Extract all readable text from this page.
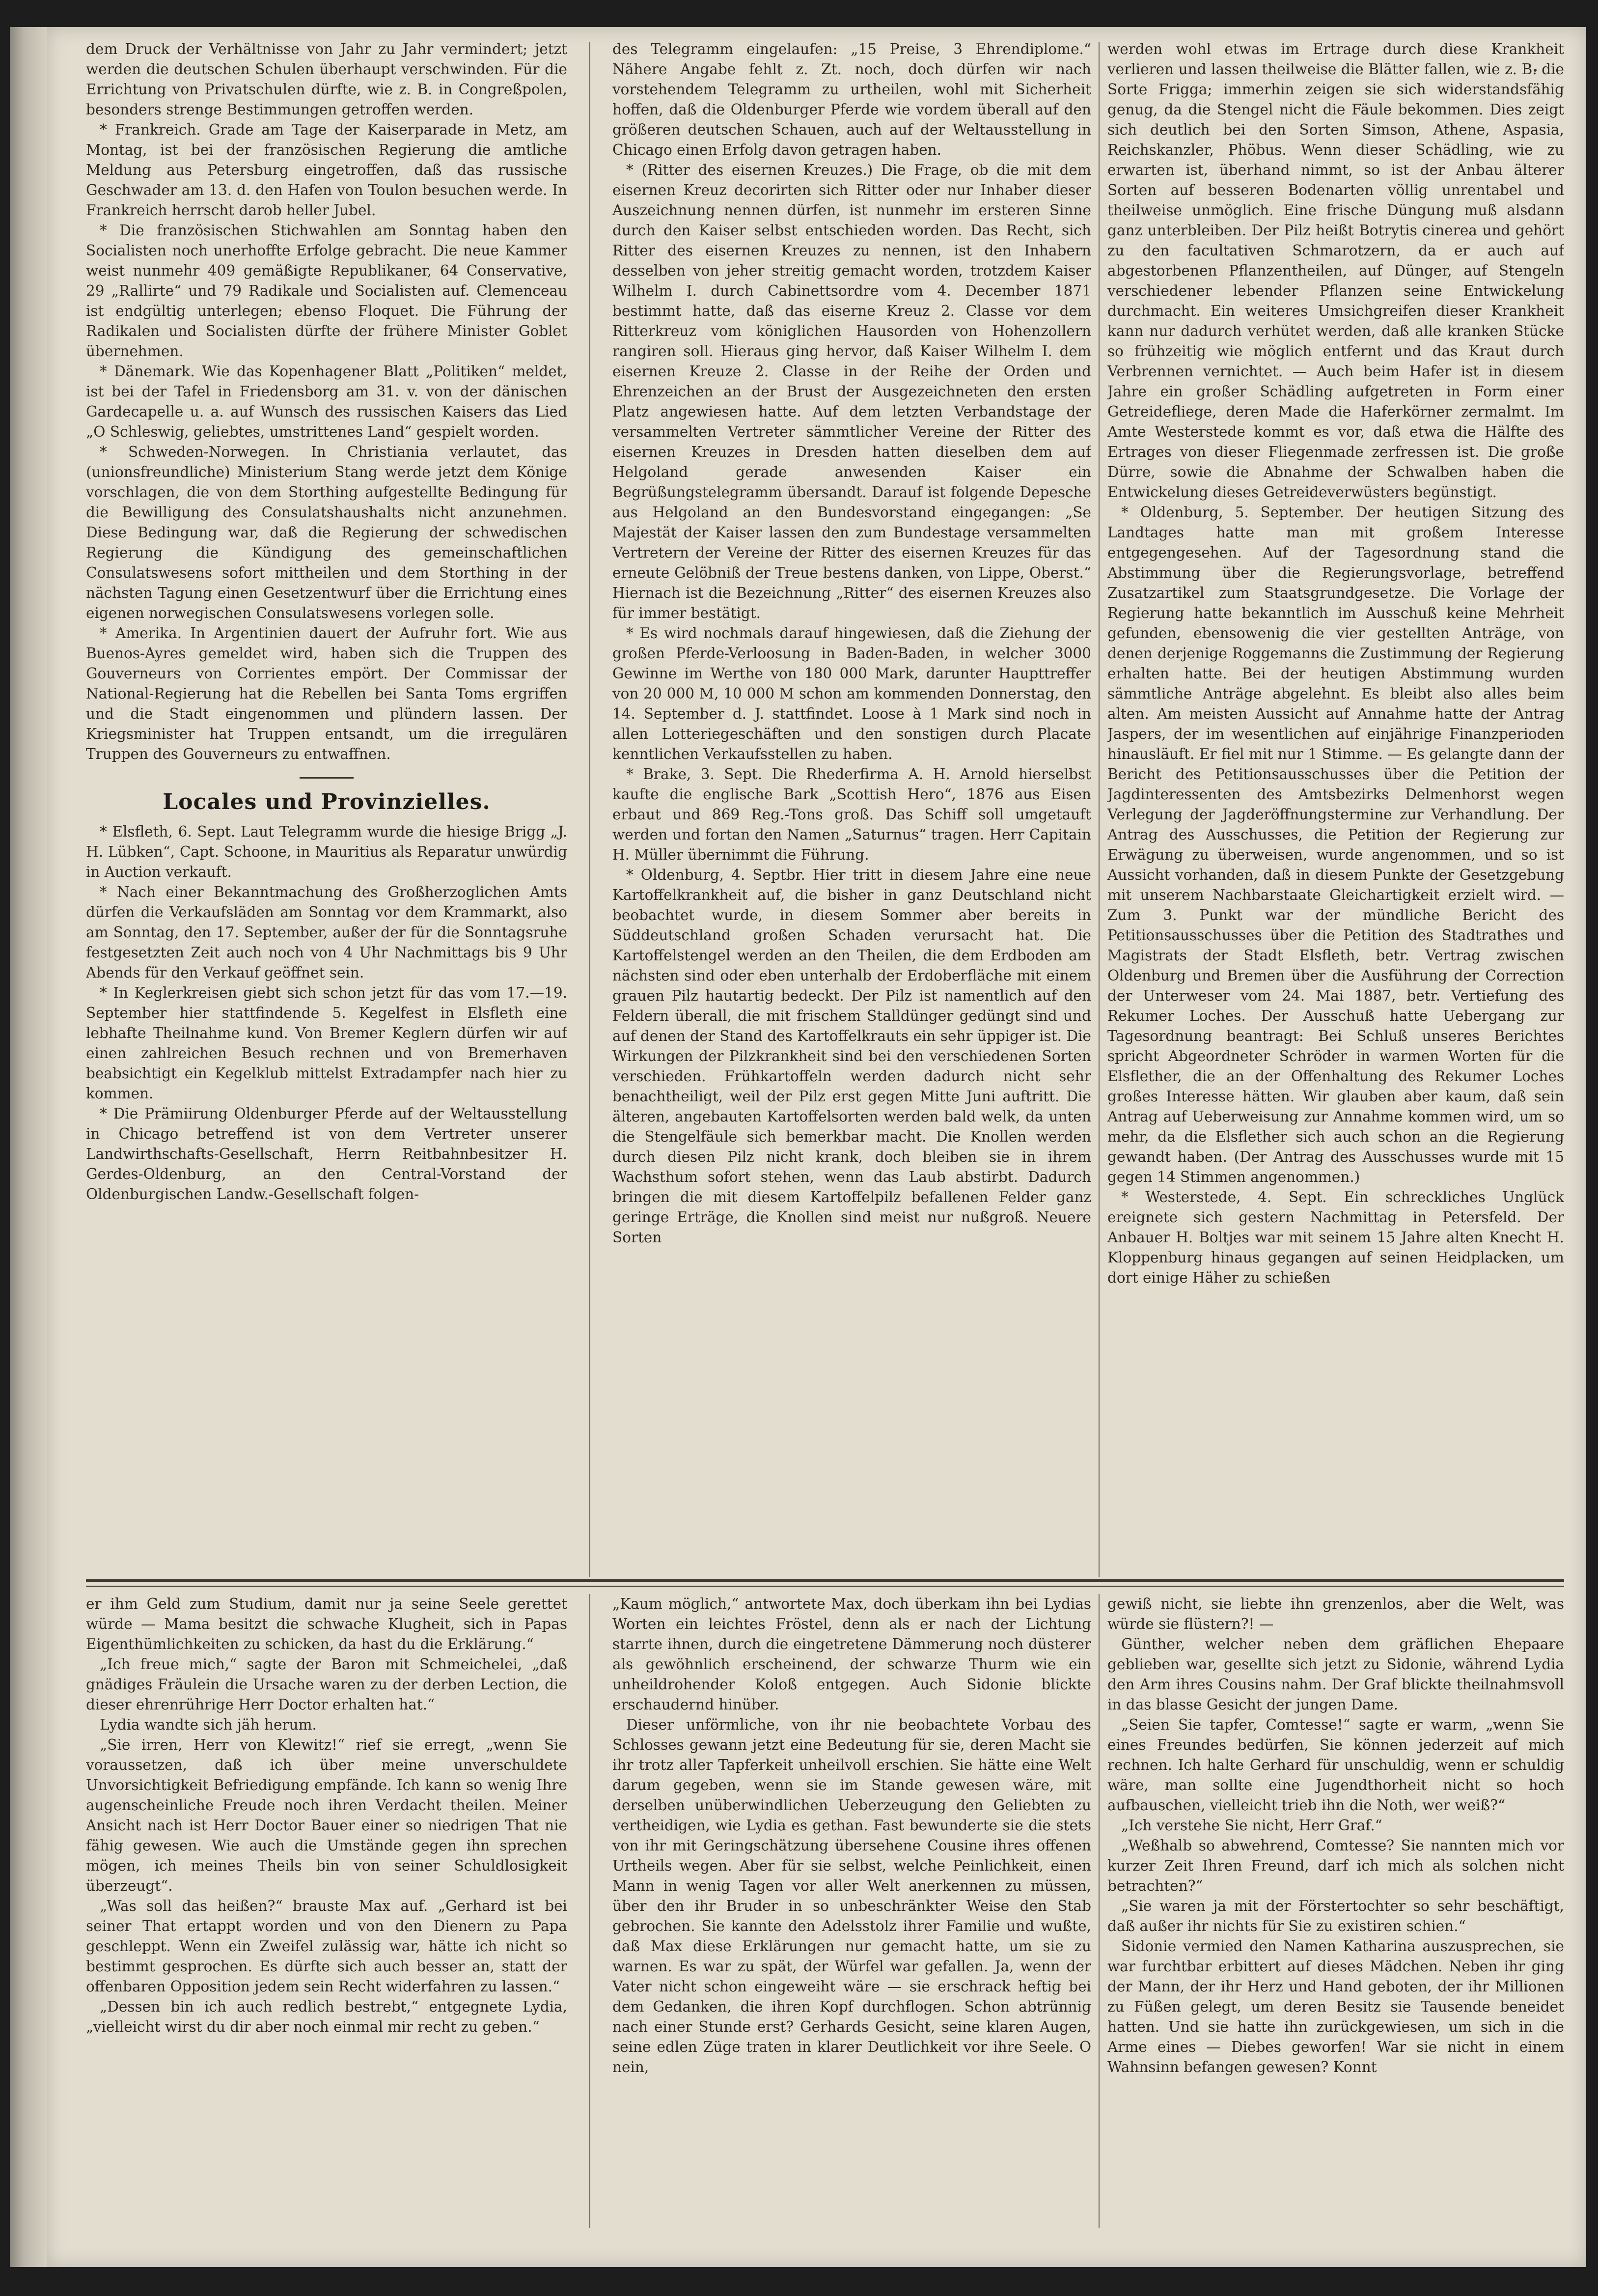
dem Druck der Verhältnisse von Jahr zu Jahr vermindert; jetzt werden die deutschen Schulen überhaupt verschwinden. Für die Errichtung von Privatschulen dürfte, wie z. B. in Congreßpolen, besonders strenge Bestimmungen getroffen werden.

* Frankreich. Grade am Tage der Kaiserparade in Metz, am Montag, ist bei der französischen Regierung die amtliche Meldung aus Petersburg eingetroffen, daß das russische Geschwader am 13. d. den Hafen von Toulon besuchen werde. In Frankreich herrscht darob heller Jubel.

* Die französischen Stichwahlen am Sonntag haben den Socialisten noch unerhoffte Erfolge gebracht. Die neue Kammer weist nunmehr 409 gemäßigte Republikaner, 64 Conservative, 29 „Rallirte“ und 79 Radikale und Socialisten auf. Clemenceau ist endgültig unterlegen; ebenso Floquet. Die Führung der Radikalen und Socialisten dürfte der frühere Minister Goblet übernehmen.

* Dänemark. Wie das Kopenhagener Blatt „Politiken“ meldet, ist bei der Tafel in Friedensborg am 31. v. von der dänischen Gardecapelle u. a. auf Wunsch des russischen Kaisers das Lied „O Schleswig, geliebtes, umstrittenes Land“ gespielt worden.

* Schweden-Norwegen. In Christiania verlautet, das (unionsfreundliche) Ministerium Stang werde jetzt dem Könige vorschlagen, die von dem Storthing aufgestellte Bedingung für die Bewilligung des Consulatshaushalts nicht anzunehmen. Diese Bedingung war, daß die Regierung der schwedischen Regierung die Kündigung des gemeinschaftlichen Consulatswesens sofort mittheilen und dem Storthing in der nächsten Tagung einen Gesetzentwurf über die Errichtung eines eigenen norwegischen Consulatswesens vorlegen solle.

* Amerika. In Argentinien dauert der Aufruhr fort. Wie aus Buenos-Ayres gemeldet wird, haben sich die Truppen des Gouverneurs von Corrientes empört. Der Commissar der National-Regierung hat die Rebellen bei Santa Toms ergriffen und die Stadt eingenommen und plündern lassen. Der Kriegsminister hat Truppen entsandt, um die irregulären Truppen des Gouverneurs zu entwaffnen.

Locales und Provinzielles.

* Elsfleth, 6. Sept. Laut Telegramm wurde die hiesige Brigg „J. H. Lübken“, Capt. Schoone, in Mauritius als Reparatur unwürdig in Auction verkauft.

* Nach einer Bekanntmachung des Großherzoglichen Amts dürfen die Verkaufsläden am Sonntag vor dem Krammarkt, also am Sonntag, den 17. September, außer der für die Sonntagsruhe festgesetzten Zeit auch noch von 4 Uhr Nachmittags bis 9 Uhr Abends für den Verkauf geöffnet sein.

* In Keglerkreisen giebt sich schon jetzt für das vom 17.—19. September hier stattfindende 5. Kegelfest in Elsfleth eine lebhafte Theilnahme kund. Von Bremer Keglern dürfen wir auf einen zahlreichen Besuch rechnen und von Bremerhaven beabsichtigt ein Kegelklub mittelst Extradampfer nach hier zu kommen.

* Die Prämiirung Oldenburger Pferde auf der Weltausstellung in Chicago betreffend ist von dem Vertreter unserer Landwirthschafts-Gesellschaft, Herrn Reitbahnbesitzer H. Gerdes-Oldenburg, an den Central-Vorstand der Oldenburgischen Landw.-Gesellschaft folgen-

des Telegramm eingelaufen: „15 Preise, 3 Ehrendiplome.“ Nähere Angabe fehlt z. Zt. noch, doch dürfen wir nach vorstehendem Telegramm zu urtheilen, wohl mit Sicherheit hoffen, daß die Oldenburger Pferde wie vordem überall auf den größeren deutschen Schauen, auch auf der Weltausstellung in Chicago einen Erfolg davon getragen haben.

* (Ritter des eisernen Kreuzes.) Die Frage, ob die mit dem eisernen Kreuz decorirten sich Ritter oder nur Inhaber dieser Auszeichnung nennen dürfen, ist nunmehr im ersteren Sinne durch den Kaiser selbst entschieden worden. Das Recht, sich Ritter des eisernen Kreuzes zu nennen, ist den Inhabern desselben von jeher streitig gemacht worden, trotzdem Kaiser Wilhelm I. durch Cabinettsordre vom 4. December 1871 bestimmt hatte, daß das eiserne Kreuz 2. Classe vor dem Ritterkreuz vom königlichen Hausorden von Hohenzollern rangiren soll. Hieraus ging hervor, daß Kaiser Wilhelm I. dem eisernen Kreuze 2. Classe in der Reihe der Orden und Ehrenzeichen an der Brust der Ausgezeichneten den ersten Platz angewiesen hatte. Auf dem letzten Verbandstage der versammelten Vertreter sämmtlicher Vereine der Ritter des eisernen Kreuzes in Dresden hatten dieselben dem auf Helgoland gerade anwesenden Kaiser ein Begrüßungstelegramm übersandt. Darauf ist folgende Depesche aus Helgoland an den Bundesvorstand eingegangen: „Se Majestät der Kaiser lassen den zum Bundestage versammelten Vertretern der Vereine der Ritter des eisernen Kreuzes für das erneute Gelöbniß der Treue bestens danken, von Lippe, Oberst.“ Hiernach ist die Bezeichnung „Ritter“ des eisernen Kreuzes also für immer bestätigt.

* Es wird nochmals darauf hingewiesen, daß die Ziehung der großen Pferde-Verloosung in Baden-Baden, in welcher 3000 Gewinne im Werthe von 180 000 Mark, darunter Haupttreffer von 20 000 M, 10 000 M schon am kommenden Donnerstag, den 14. September d. J. stattfindet. Loose à 1 Mark sind noch in allen Lotteriegeschäften und den sonstigen durch Placate kenntlichen Verkaufsstellen zu haben.

* Brake, 3. Sept. Die Rhederfirma A. H. Arnold hierselbst kaufte die englische Bark „Scottish Hero“, 1876 aus Eisen erbaut und 869 Reg.-Tons groß. Das Schiff soll umgetauft werden und fortan den Namen „Saturnus“ tragen. Herr Capitain H. Müller übernimmt die Führung.

* Oldenburg, 4. Septbr. Hier tritt in diesem Jahre eine neue Kartoffelkrankheit auf, die bisher in ganz Deutschland nicht beobachtet wurde, in diesem Sommer aber bereits in Süddeutschland großen Schaden verursacht hat. Die Kartoffelstengel werden an den Theilen, die dem Erdboden am nächsten sind oder eben unterhalb der Erdoberfläche mit einem grauen Pilz hautartig bedeckt. Der Pilz ist namentlich auf den Feldern überall, die mit frischem Stalldünger gedüngt sind und auf denen der Stand des Kartoffelkrauts ein sehr üppiger ist. Die Wirkungen der Pilzkrankheit sind bei den verschiedenen Sorten verschieden. Frühkartoffeln werden dadurch nicht sehr benachtheiligt, weil der Pilz erst gegen Mitte Juni auftritt. Die älteren, angebauten Kartoffelsorten werden bald welk, da unten die Stengelfäule sich bemerkbar macht. Die Knollen werden durch diesen Pilz nicht krank, doch bleiben sie in ihrem Wachsthum sofort stehen, wenn das Laub abstirbt. Dadurch bringen die mit diesem Kartoffelpilz befallenen Felder ganz geringe Erträge, die Knollen sind meist nur nußgroß. Neuere Sorten

werden wohl etwas im Ertrage durch diese Krankheit verlieren und lassen theilweise die Blätter fallen, wie z. B. die Sorte Frigga; immerhin zeigen sie sich widerstandsfähig genug, da die Stengel nicht die Fäule bekommen. Dies zeigt sich deutlich bei den Sorten Simson, Athene, Aspasia, Reichskanzler, Phöbus. Wenn dieser Schädling, wie zu erwarten ist, überhand nimmt, so ist der Anbau älterer Sorten auf besseren Bodenarten völlig unrentabel und theilweise unmöglich. Eine frische Düngung muß alsdann ganz unterbleiben. Der Pilz heißt Botrytis cinerea und gehört zu den facultativen Schmarotzern, da er auch auf abgestorbenen Pflanzentheilen, auf Dünger, auf Stengeln verschiedener lebender Pflanzen seine Entwickelung durchmacht. Ein weiteres Umsichgreifen dieser Krankheit kann nur dadurch verhütet werden, daß alle kranken Stücke so frühzeitig wie möglich entfernt und das Kraut durch Verbrennen vernichtet. — Auch beim Hafer ist in diesem Jahre ein großer Schädling aufgetreten in Form einer Getreidefliege, deren Made die Haferkörner zermalmt. Im Amte Westerstede kommt es vor, daß etwa die Hälfte des Ertrages von dieser Fliegenmade zerfressen ist. Die große Dürre, sowie die Abnahme der Schwalben haben die Entwickelung dieses Getreideverwüsters begünstigt.

* Oldenburg, 5. September. Der heutigen Sitzung des Landtages hatte man mit großem Interesse entgegengesehen. Auf der Tagesordnung stand die Abstimmung über die Regierungsvorlage, betreffend Zusatzartikel zum Staatsgrundgesetze. Die Vorlage der Regierung hatte bekanntlich im Ausschuß keine Mehrheit gefunden, ebensowenig die vier gestellten Anträge, von denen derjenige Roggemanns die Zustimmung der Regierung erhalten hatte. Bei der heutigen Abstimmung wurden sämmtliche Anträge abgelehnt. Es bleibt also alles beim alten. Am meisten Aussicht auf Annahme hatte der Antrag Jaspers, der im wesentlichen auf einjährige Finanzperioden hinausläuft. Er fiel mit nur 1 Stimme. — Es gelangte dann der Bericht des Petitionsausschusses über die Petition der Jagdinteressenten des Amtsbezirks Delmenhorst wegen Verlegung der Jagderöffnungstermine zur Verhandlung. Der Antrag des Ausschusses, die Petition der Regierung zur Erwägung zu überweisen, wurde angenommen, und so ist Aussicht vorhanden, daß in diesem Punkte der Gesetzgebung mit unserem Nachbarstaate Gleichartigkeit erzielt wird. — Zum 3. Punkt war der mündliche Bericht des Petitionsausschusses über die Petition des Stadtrathes und Magistrats der Stadt Elsfleth, betr. Vertrag zwischen Oldenburg und Bremen über die Ausführung der Correction der Unterweser vom 24. Mai 1887, betr. Vertiefung des Rekumer Loches. Der Ausschuß hatte Uebergang zur Tagesordnung beantragt: Bei Schluß unseres Berichtes spricht Abgeordneter Schröder in warmen Worten für die Elsflether, die an der Offenhaltung des Rekumer Loches großes Interesse hätten. Wir glauben aber kaum, daß sein Antrag auf Ueberweisung zur Annahme kommen wird, um so mehr, da die Elsflether sich auch schon an die Regierung gewandt haben. (Der Antrag des Ausschusses wurde mit 15 gegen 14 Stimmen angenommen.)

* Westerstede, 4. Sept. Ein schreckliches Unglück ereignete sich gestern Nachmittag in Petersfeld. Der Anbauer H. Boltjes war mit seinem 15 Jahre alten Knecht H. Kloppenburg hinaus gegangen auf seinen Heidplacken, um dort einige Häher zu schießen

er ihm Geld zum Studium, damit nur ja seine Seele gerettet würde — Mama besitzt die schwache Klugheit, sich in Papas Eigenthümlichkeiten zu schicken, da hast du die Erklärung.“

„Ich freue mich,“ sagte der Baron mit Schmeichelei, „daß gnädiges Fräulein die Ursache waren zu der derben Lection, die dieser ehrenrührige Herr Doctor erhalten hat.“

Lydia wandte sich jäh herum.

„Sie irren, Herr von Klewitz!“ rief sie erregt, „wenn Sie voraussetzen, daß ich über meine unverschuldete Unvorsichtigkeit Befriedigung empfände. Ich kann so wenig Ihre augenscheinliche Freude noch ihren Verdacht theilen. Meiner Ansicht nach ist Herr Doctor Bauer einer so niedrigen That nie fähig gewesen. Wie auch die Umstände gegen ihn sprechen mögen, ich meines Theils bin von seiner Schuldlosigkeit überzeugt“.

„Was soll das heißen?“ brauste Max auf. „Gerhard ist bei seiner That ertappt worden und von den Dienern zu Papa geschleppt. Wenn ein Zweifel zulässig war, hätte ich nicht so bestimmt gesprochen. Es dürfte sich auch besser an, statt der offenbaren Opposition jedem sein Recht widerfahren zu lassen.“

„Dessen bin ich auch redlich bestrebt,“ entgegnete Lydia, „vielleicht wirst du dir aber noch einmal mir recht zu geben.“

„Kaum möglich,“ antwortete Max, doch überkam ihn bei Lydias Worten ein leichtes Fröstel, denn als er nach der Lichtung starrte ihnen, durch die eingetretene Dämmerung noch düsterer als gewöhnlich erscheinend, der schwarze Thurm wie ein unheildrohender Koloß entgegen. Auch Sidonie blickte erschaudernd hinüber.

Dieser unförmliche, von ihr nie beobachtete Vorbau des Schlosses gewann jetzt eine Bedeutung für sie, deren Macht sie ihr trotz aller Tapferkeit unheilvoll erschien. Sie hätte eine Welt darum gegeben, wenn sie im Stande gewesen wäre, mit derselben unüberwindlichen Ueberzeugung den Geliebten zu vertheidigen, wie Lydia es gethan. Fast bewunderte sie die stets von ihr mit Geringschätzung übersehene Cousine ihres offenen Urtheils wegen. Aber für sie selbst, welche Peinlichkeit, einen Mann in wenig Tagen vor aller Welt anerkennen zu müssen, über den ihr Bruder in so unbeschränkter Weise den Stab gebrochen. Sie kannte den Adelsstolz ihrer Familie und wußte, daß Max diese Erklärungen nur gemacht hatte, um sie zu warnen. Es war zu spät, der Würfel war gefallen. Ja, wenn der Vater nicht schon eingeweiht wäre — sie erschrack heftig bei dem Gedanken, die ihren Kopf durchflogen. Schon abtrünnig nach einer Stunde erst? Gerhards Gesicht, seine klaren Augen, seine edlen Züge traten in klarer Deutlichkeit vor ihre Seele. O nein,

gewiß nicht, sie liebte ihn grenzenlos, aber die Welt, was würde sie flüstern?! —

Günther, welcher neben dem gräflichen Ehepaare geblieben war, gesellte sich jetzt zu Sidonie, während Lydia den Arm ihres Cousins nahm. Der Graf blickte theilnahmsvoll in das blasse Gesicht der jungen Dame.

„Seien Sie tapfer, Comtesse!“ sagte er warm, „wenn Sie eines Freundes bedürfen, Sie können jederzeit auf mich rechnen. Ich halte Gerhard für unschuldig, wenn er schuldig wäre, man sollte eine Jugendthorheit nicht so hoch aufbauschen, vielleicht trieb ihn die Noth, wer weiß?“

„Ich verstehe Sie nicht, Herr Graf.“

„Weßhalb so abwehrend, Comtesse? Sie nannten mich vor kurzer Zeit Ihren Freund, darf ich mich als solchen nicht betrachten?“

„Sie waren ja mit der Förstertochter so sehr beschäftigt, daß außer ihr nichts für Sie zu existiren schien.“

Sidonie vermied den Namen Katharina auszusprechen, sie war furchtbar erbittert auf dieses Mädchen. Neben ihr ging der Mann, der ihr Herz und Hand geboten, der ihr Millionen zu Füßen gelegt, um deren Besitz sie Tausende beneidet hatten. Und sie hatte ihn zurückgewiesen, um sich in die Arme eines — Diebes geworfen! War sie nicht in einem Wahnsinn befangen gewesen? Konnt
